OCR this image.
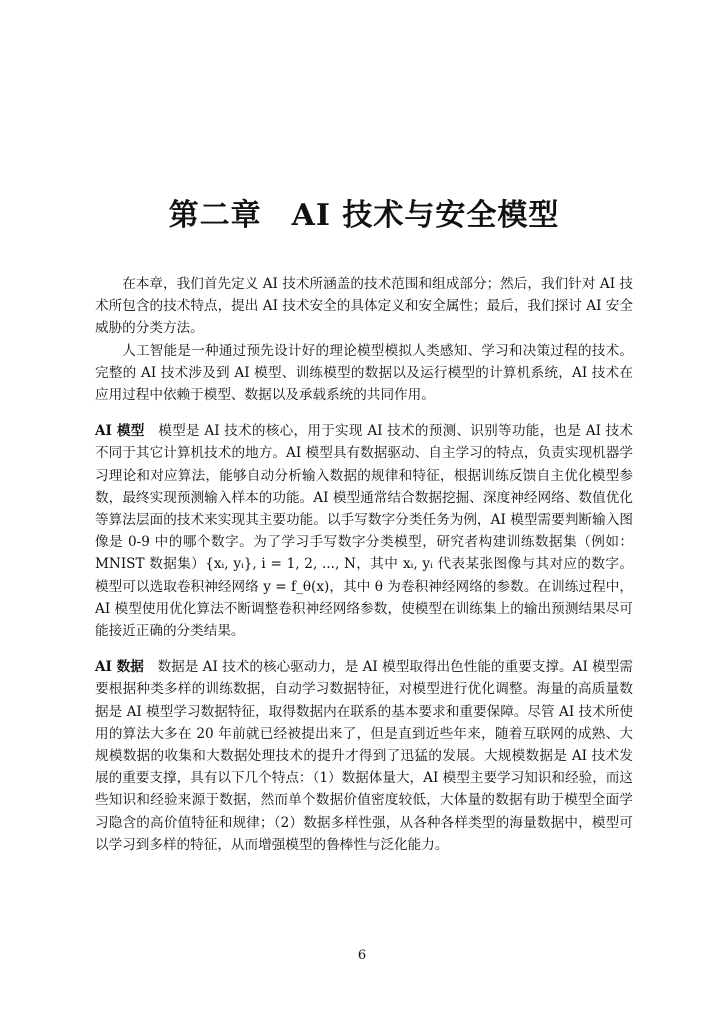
第二章 AI 技术与安全模型

在本章，我们首先定义 AI 技术所涵盖的技术范围和组成部分；然后，我们针对 AI 技术所包含的技术特点，提出 AI 技术安全的具体定义和安全属性；最后，我们探讨 AI 安全威胁的分类方法。

人工智能是一种通过预先设计好的理论模型模拟人类感知、学习和决策过程的技术。完整的 AI 技术涉及到 AI 模型、训练模型的数据以及运行模型的计算机系统，AI 技术在应用过程中依赖于模型、数据以及承载系统的共同作用。

AI 模型 模型是 AI 技术的核心，用于实现 AI 技术的预测、识别等功能，也是 AI 技术不同于其它计算机技术的地方。AI 模型具有数据驱动、自主学习的特点，负责实现机器学习理论和对应算法，能够自动分析输入数据的规律和特征，根据训练反馈自主优化模型参数，最终实现预测输入样本的功能。AI 模型通常结合数据挖掘、深度神经网络、数值优化等算法层面的技术来实现其主要功能。以手写数字分类任务为例，AI 模型需要判断输入图像是 0-9 中的哪个数字。为了学习手写数字分类模型，研究者构建训练数据集（例如：MNIST 数据集）{xᵢ, yᵢ}, i = 1, 2, ..., N，其中 xᵢ, yᵢ 代表某张图像与其对应的数字。模型可以选取卷积神经网络 y = f_θ(x)，其中 θ 为卷积神经网络的参数。在训练过程中，AI 模型使用优化算法不断调整卷积神经网络参数，使模型在训练集上的输出预测结果尽可能接近正确的分类结果。

AI 数据 数据是 AI 技术的核心驱动力，是 AI 模型取得出色性能的重要支撑。AI 模型需要根据种类多样的训练数据，自动学习数据特征，对模型进行优化调整。海量的高质量数据是 AI 模型学习数据特征，取得数据内在联系的基本要求和重要保障。尽管 AI 技术所使用的算法大多在 20 年前就已经被提出来了，但是直到近些年来，随着互联网的成熟、大规模数据的收集和大数据处理技术的提升才得到了迅猛的发展。大规模数据是 AI 技术发展的重要支撑，具有以下几个特点：（1）数据体量大，AI 模型主要学习知识和经验，而这些知识和经验来源于数据，然而单个数据价值密度较低，大体量的数据有助于模型全面学习隐含的高价值特征和规律；（2）数据多样性强，从各种各样类型的海量数据中，模型可以学习到多样的特征，从而增强模型的鲁棒性与泛化能力。

6
